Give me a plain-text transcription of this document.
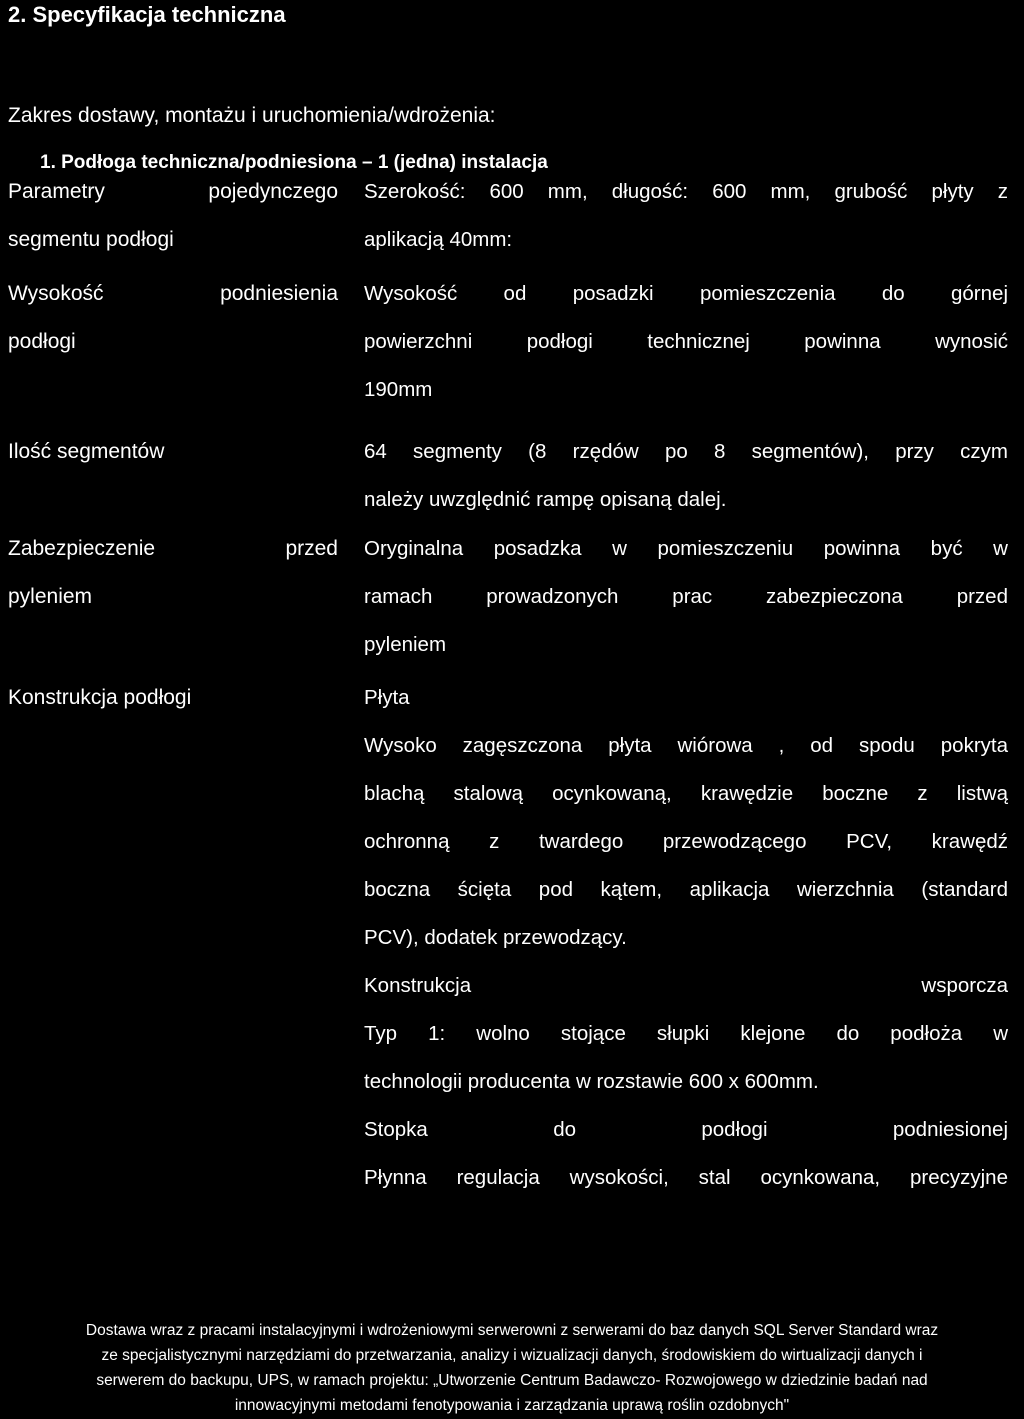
2. Specyfikacja techniczna
Zakres dostawy, montażu i uruchomienia/wdrożenia:
1. Podłoga techniczna/podniesiona – 1 (jedna) instalacja
Parametry pojedynczego
segmentu podłogi
Szerokość: 600 mm, długość: 600 mm, grubość płyty z
aplikacją 40mm:
Wysokość podniesienia
podłogi
Wysokość od posadzki pomieszczenia do górnej
powierzchni podłogi technicznej powinna wynosić
190mm
Ilość segmentów	64 segmenty (8 rzędów po 8 segmentów), przy czym
należy uwzględnić rampę opisaną dalej.
Zabezpieczenie przed
pyleniem
Oryginalna posadzka w pomieszczeniu powinna być w
ramach prowadzonych prac zabezpieczona przed
pyleniem
Konstrukcja podłogi	Płyta
Wysoko zagęszczona płyta wiórowa , od spodu pokryta
blachą stalową ocynkowaną, krawędzie boczne z listwą
ochronną z twardego przewodzącego PCV, krawędź
boczna ścięta pod kątem, aplikacja wierzchnia (standard
PCV), dodatek przewodzący.
Konstrukcja wsporcza
Typ 1: wolno stojące słupki klejone do podłoża w
technologii producenta w rozstawie 600 x 600mm.
Stopka do podłogi podniesionej
Płynna regulacja wysokości, stal ocynkowana, precyzyjne
Dostawa wraz z pracami instalacyjnymi i wdrożeniowymi serwerowni z serwerami do baz danych SQL Server Standard wraz
ze specjalistycznymi narzędziami do przetwarzania, analizy i wizualizacji danych, środowiskiem do wirtualizacji danych i
serwerem do backupu, UPS, w ramach projektu: „Utworzenie Centrum Badawczo- Rozwojowego w dziedzinie badań nad
innowacyjnymi metodami fenotypowania i zarządzania uprawą roślin ozdobnych"
